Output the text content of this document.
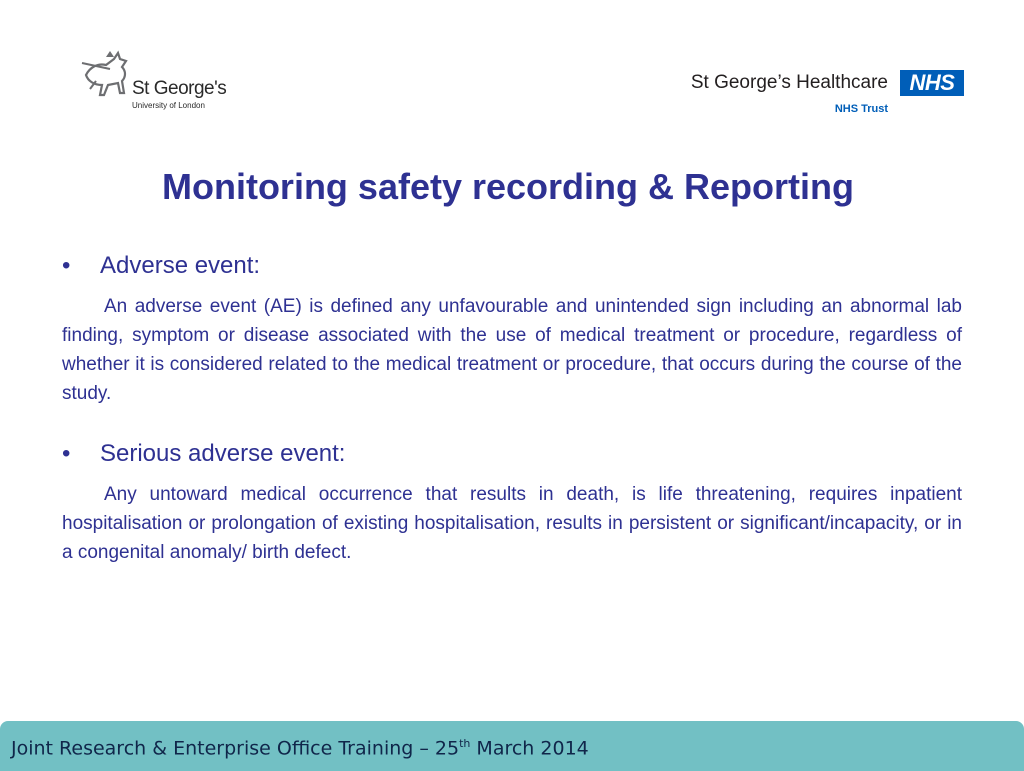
St George's
University of London
St George’s Healthcare NHS
NHS Trust
Monitoring safety recording & Reporting
•	Adverse event:
An adverse event (AE) is defined any unfavourable and unintended sign including an abnormal lab finding, symptom or disease associated with the use of medical treatment or procedure, regardless of whether it is considered related to the medical treatment or procedure, that occurs during the course of the study.
•	Serious adverse event:
Any untoward medical occurrence that results in death, is life threatening, requires inpatient hospitalisation or prolongation of existing hospitalisation, results in persistent or significant/incapacity, or in a congenital anomaly/ birth defect.
Joint Research & Enterprise Office Training – 25th March 2014
